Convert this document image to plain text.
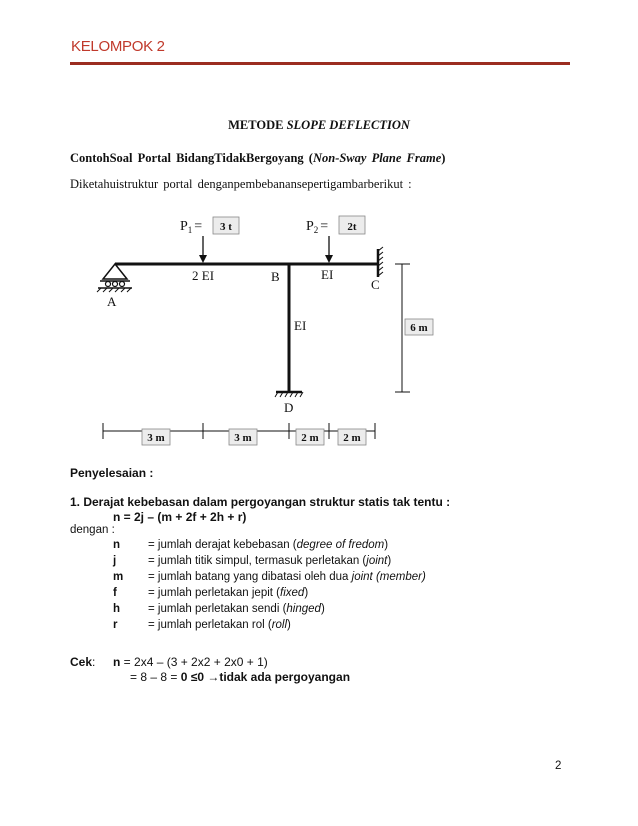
KELOMPOK 2
METODE SLOPE DEFLECTION
ContohSoal Portal BidangTidakBergoyang (Non-Sway Plane Frame)
Diketahuistruktur portal denganpembebanansepertigambarberikut :
$P_1 = 3$ t	$P_2 = 2t$
2 EI	B	EI
C
A
EI
D
6 m
3 m	3 m	2 m 2 m
Penyelesaian :
1. Derajat kebebasan dalam pergoyangan struktur statis tak tentu :
n = 2j – (m + 2f + 2h + r)
dengan :
n = jumlah derajat kebebasan (degree of fredom)
j	= jumlah titik simpul, termasuk perletakan (joint)
m = jumlah batang yang dibatasi oleh dua joint (member)
f	= jumlah perletakan jepit (fixed)
h = jumlah perletakan sendi (hinged)
r	= jumlah perletakan rol (roll)
Cek: n = 2x4 – (3 + 2x2 + 2x0 + 1)
= 8 – 8 = 0 ≤0 →tidak ada pergoyangan
2
